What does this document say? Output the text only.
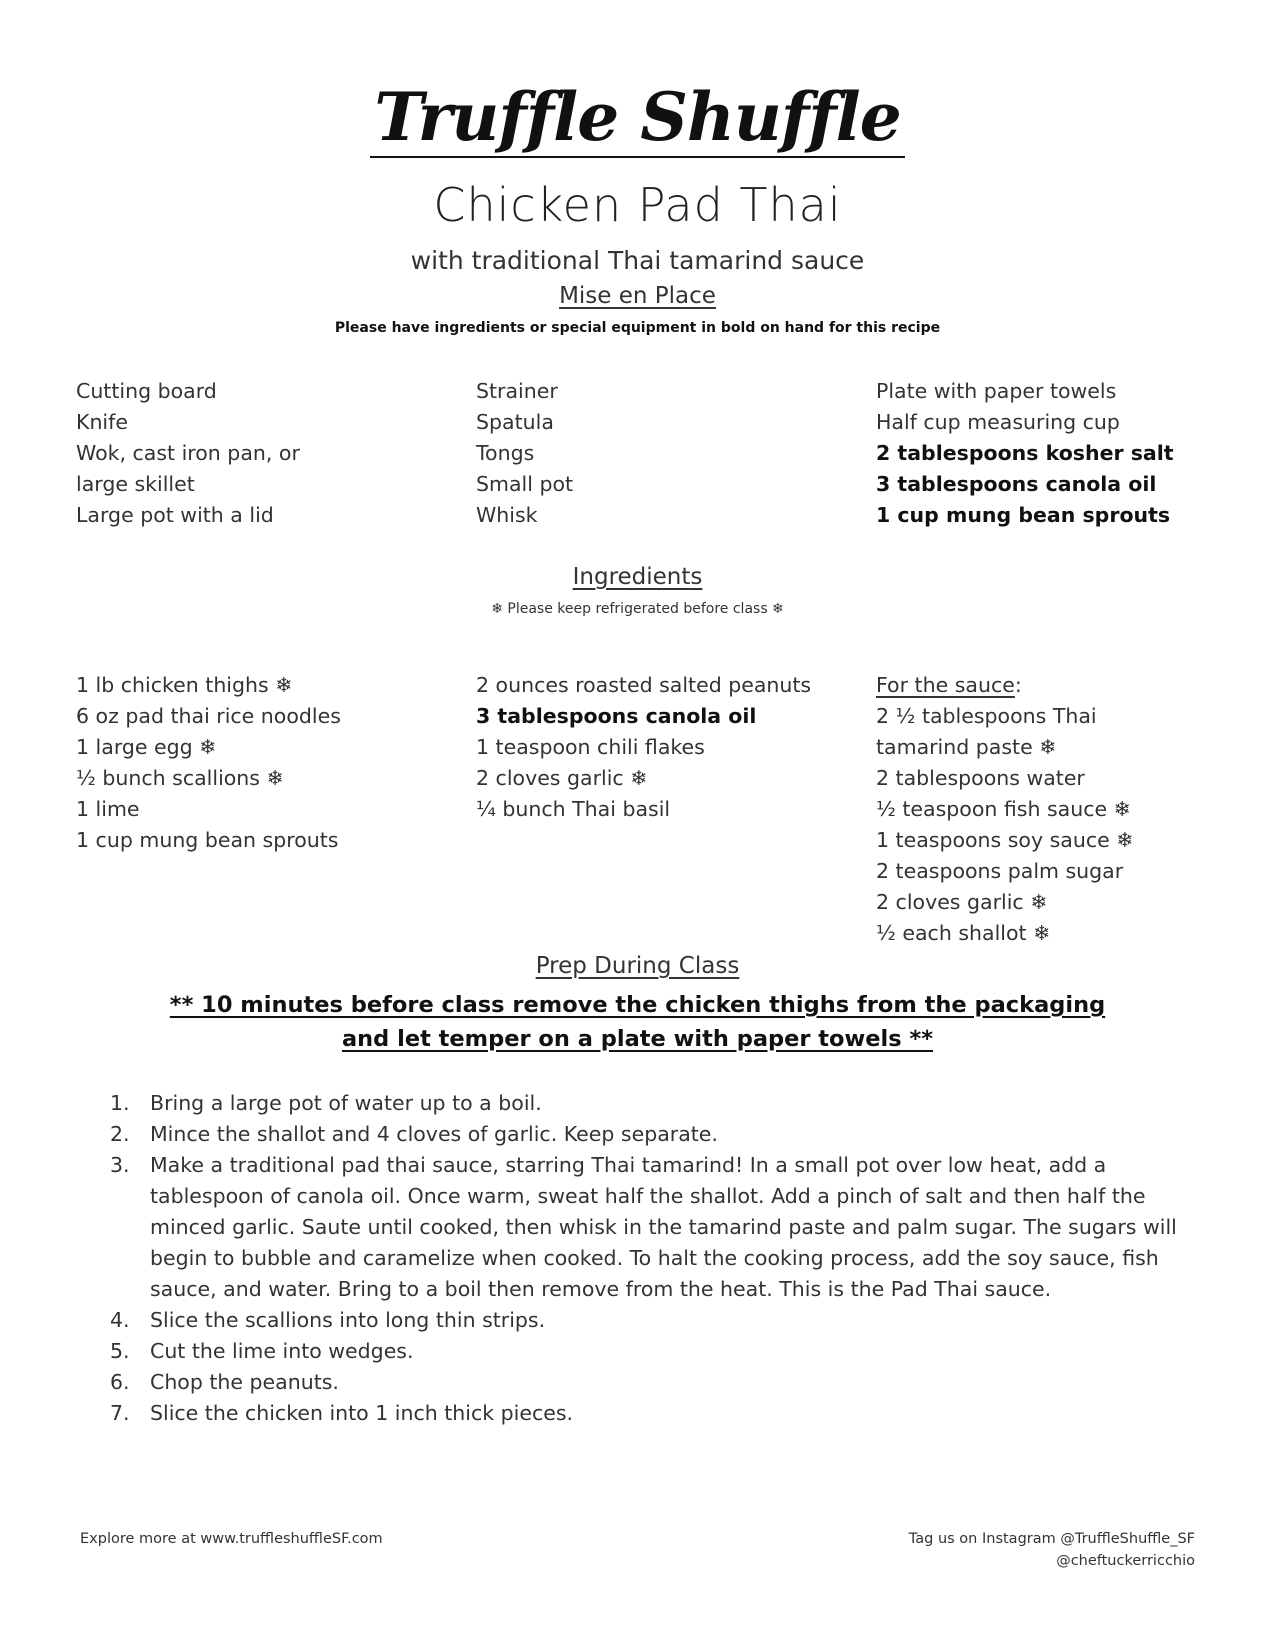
Truffle Shuffle
Chicken Pad Thai
with traditional Thai tamarind sauce
Mise en Place
Please have ingredients or special equipment in bold on hand for this recipe
Cutting board
Knife
Wok, cast iron pan, or large skillet
Large pot with a lid
Strainer
Spatula
Tongs
Small pot
Whisk
Plate with paper towels
Half cup measuring cup
2 tablespoons kosher salt
3 tablespoons canola oil
1 cup mung bean sprouts
Ingredients
❄ Please keep refrigerated before class ❄
1 lb chicken thighs ❄
6 oz pad thai rice noodles
1 large egg ❄
½ bunch scallions ❄
1 lime
1 cup mung bean sprouts
2 ounces roasted salted peanuts
3 tablespoons canola oil
1 teaspoon chili flakes
2 cloves garlic ❄
¼ bunch Thai basil
For the sauce:
2 ½ tablespoons Thai tamarind paste ❄
2 tablespoons water
½ teaspoon fish sauce ❄
1 teaspoons soy sauce ❄
2 teaspoons palm sugar
2 cloves garlic ❄
½ each shallot ❄
Prep During Class
** 10 minutes before class remove the chicken thighs from the packaging
and let temper on a plate with paper towels **
1. Bring a large pot of water up to a boil.
2. Mince the shallot and 4 cloves of garlic. Keep separate.
3. Make a traditional pad thai sauce, starring Thai tamarind! In a small pot over low heat, add a tablespoon of canola oil. Once warm, sweat half the shallot. Add a pinch of salt and then half the minced garlic. Saute until cooked, then whisk in the tamarind paste and palm sugar. The sugars will begin to bubble and caramelize when cooked. To halt the cooking process, add the soy sauce, fish sauce, and water. Bring to a boil then remove from the heat. This is the Pad Thai sauce.
4. Slice the scallions into long thin strips.
5. Cut the lime into wedges.
6. Chop the peanuts.
7. Slice the chicken into 1 inch thick pieces.
Explore more at www.truffleshuffleSF.com	Tag us on Instagram @TruffleShuffle_SF
@cheftuckerricchio
